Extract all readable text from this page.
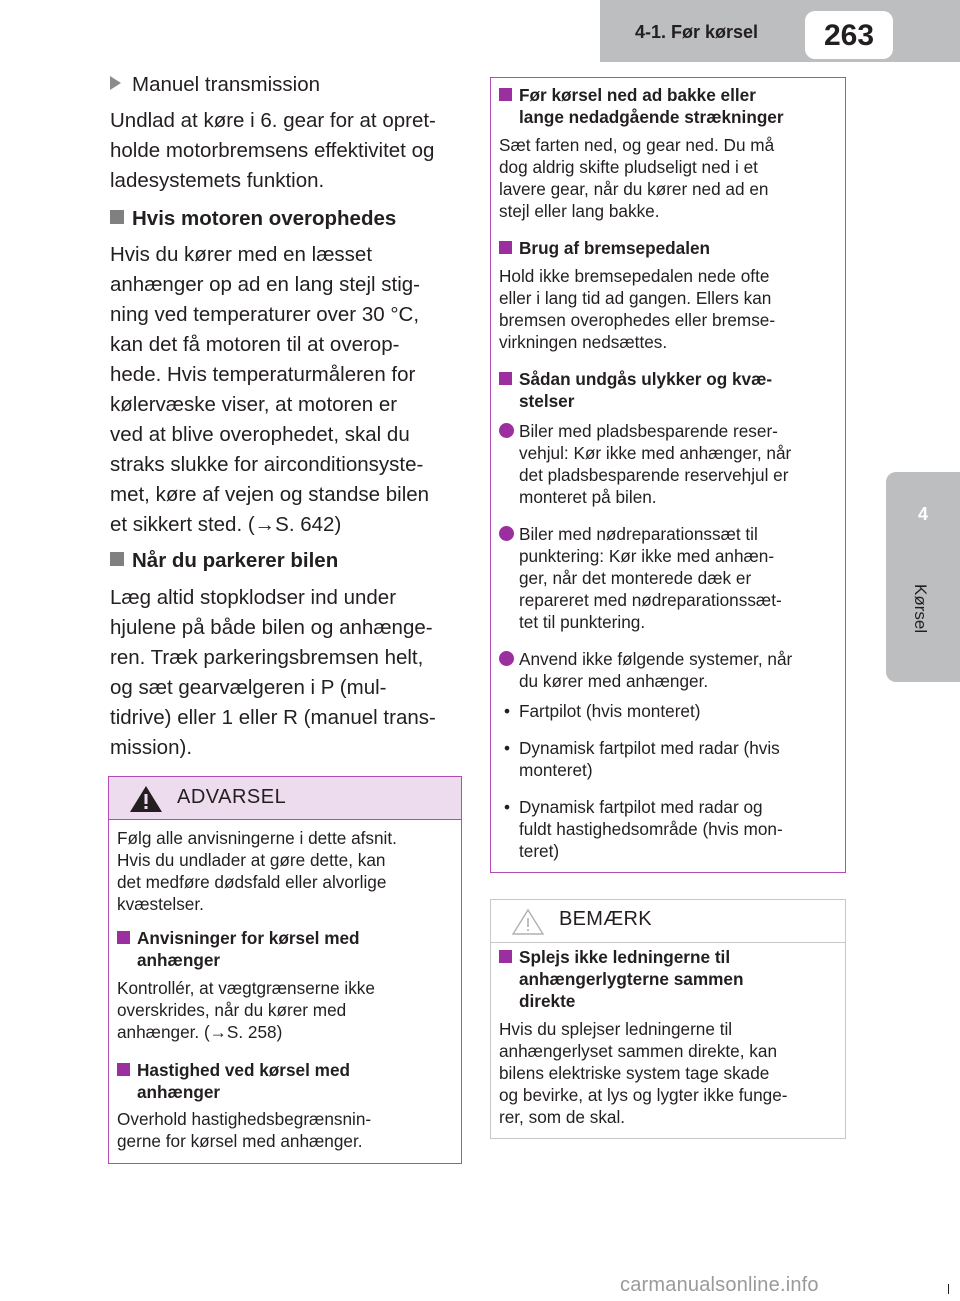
4-1. Før kørsel	263
4
Kørsel
Manuel transmission

Undlad at køre i 6. gear for at opret-

holde motorbremsens effektivitet og

ladesystemets funktion.

Hvis motoren overophedes

Hvis du kører med en læsset

anhænger op ad en lang stejl stig-

ning ved temperaturer over 30 °C,

kan det få motoren til at overop-

hede. Hvis temperaturmåleren for

kølervæske viser, at motoren er

ved at blive overophedet, skal du

straks slukke for airconditionsyste-

met, køre af vejen og standse bilen

et sikkert sted. (→S. 642)

Når du parkerer bilen

Læg altid stopklodser ind under

hjulene på både bilen og anhænge-

ren. Træk parkeringsbremsen helt,

og sæt gearvælgeren i P (mul-

tidrive) eller 1 eller R (manuel trans-

mission).

ADVARSEL

Følg alle anvisningerne i dette afsnit.

Hvis du undlader at gøre dette, kan

det medføre dødsfald eller alvorlige

kvæstelser.

Anvisninger for kørsel med

anhænger

Kontrollér, at vægtgrænserne ikke

overskrides, når du kører med

anhænger. (→S. 258)

Hastighed ved kørsel med

anhænger

Overhold hastighedsbegrænsnin-

gerne for kørsel med anhænger.

Før kørsel ned ad bakke eller

lange nedadgående strækninger

Sæt farten ned, og gear ned. Du må

dog aldrig skifte pludseligt ned i et

lavere gear, når du kører ned ad en

stejl eller lang bakke.

Brug af bremsepedalen

Hold ikke bremsepedalen nede ofte

eller i lang tid ad gangen. Ellers kan

bremsen overophedes eller bremse-

virkningen nedsættes.

Sådan undgås ulykker og kvæ-

stelser

Biler med pladsbesparende reser-

vehjul: Kør ikke med anhænger, når

det pladsbesparende reservehjul er

monteret på bilen.

Biler med nødreparationssæt til

punktering: Kør ikke med anhæn-

ger, når det monterede dæk er

repareret med nødreparationssæt-

tet til punktering.

Anvend ikke følgende systemer, når

du kører med anhænger.

• Fartpilot (hvis monteret)

• Dynamisk fartpilot med radar (hvis

monteret)

• Dynamisk fartpilot med radar og

fuldt hastighedsområde (hvis mon-

teret)

BEMÆRK

Splejs ikke ledningerne til

anhængerlygterne sammen

direkte

Hvis du splejser ledningerne til

anhængerlyset sammen direkte, kan

bilens elektriske system tage skade

og bevirke, at lys og lygter ikke funge-

rer, som de skal.

carmanualsonline.info
